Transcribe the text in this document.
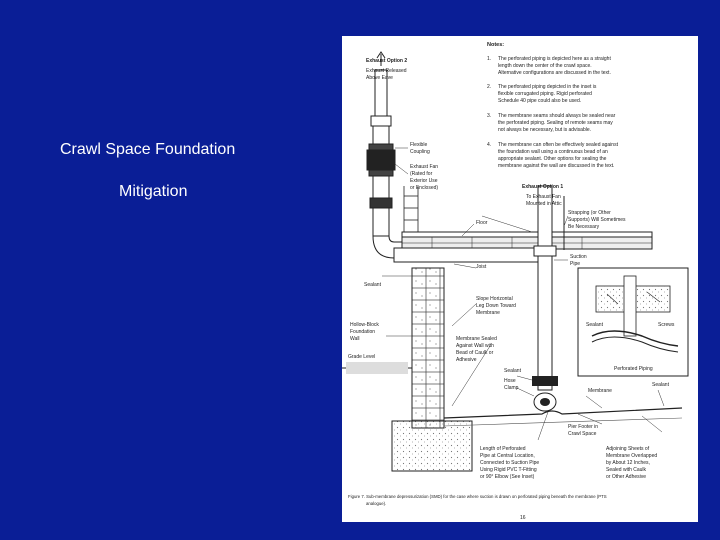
Crawl Space Foundation
Mitigation
Notes:
1. The perforated piping is depicted here as a straight
length down the center of the crawl space.
Alternative configurations are discussed in the text.
2. The perforated piping depicted in the inset is
flexible corrugated piping. Rigid perforated
Schedule 40 pipe could also be used.
3. The membrane seams should always be sealed near
the perforated piping. Sealing of remote seams may
not always be necessary, but is advisable.
4. The membrane can often be effectively sealed against
the foundation wall using a continuous bead of an
appropriate sealant. Other options for sealing the
membrane against the wall are discussed in the text.
Exhaust Option 2
Exhaust Released
Above Eave
Flexible
Coupling
Exhaust Fan
(Rated for
Exterior Use
or Enclosed)	Exhaust Option 1
To Exhaust Fan
Mounted in Attic
Floor
Strapping (or Other
Supports) Will Sometimes
Be Necessary
Suction
Pipe
Joist
Slope Horizontal
Leg Down Toward
Membrane
Sealant
Hollow-Block
Foundation
Wall	Membrane Sealed
Against Wall with
Bead of Caulk or
Adhesive
Grade Level
Sealant
Hose
Clamp
Sealant	Screws
Perforated Piping
Membrane
Sealant
Pier Footer in
Crawl Space
Length of Perforated
Pipe at Central Location,
Connected to Suction Pipe
Using Rigid PVC T-Fitting
or 90° Elbow (See Inset)
Adjoining Sheets of
Membrane Overlapped
by About 12 Inches,
Sealed with Caulk
or Other Adhesive
Figure 7. Sub-membrane depressurization (SMD) for the case where suction is drawn on perforated piping beneath the membrane (PTS
analogue).
16
